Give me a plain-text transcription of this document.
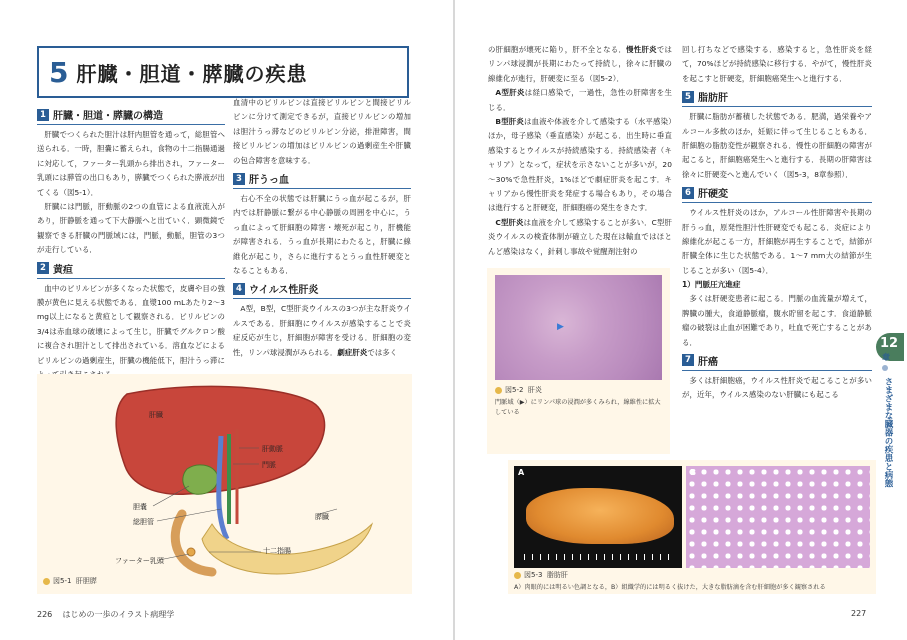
5 肝臓・胆道・膵臓の疾患
1 肝臓・胆道・膵臓の構造

肝臓でつくられた胆汁は肝内胆管を通って，総胆管へ送られる．一時，胆嚢に蓄えられ，食物の十二指腸通過に対応して，ファーター乳頭から排出され，ファーター乳頭には膵管の出口もあり，膵臓でつくられた膵液が出てくる（図5-1）．

肝臓には門脈，肝動脈の2つの血管による血液流入があり，肝静脈を通って下大静脈へと出ていく．顕微鏡で観察できる肝臓の門脈域には，門脈，動脈，胆管の3つが走行している．

2 黄疸

血中のビリルビンが多くなった状態で，皮膚や目の強膜が黄色に見える状態である．血漿100 mLあたり2～3 mg以上になると黄疸として観察される．ビリルビンの3/4は赤血球の破壊によって生じ，肝臓でグルクロン酸に複合され胆汁として排出されている．溶血などによるビリルビンの過剰産生，肝臓の機能低下，胆汁うっ滞に

血清中のビリルビンは直接ビリルビンと間接ビリルビンに分けて測定できるが，直接ビリルビンの増加は胆汁うっ滞などのビリルビン分泌，排泄障害，間接ビリルビンの増加はビリルビンの過剰産生や肝臓の包合障害を意味する．

3 肝うっ血

右心不全の状態では肝臓にうっ血が起こるが，肝内では肝静脈に繋がる中心静脈の周囲を中心に，うっ血によって肝細胞の障害・壊死が起こり，肝機能が障害される．うっ血が長期にわたると，肝臓に線維化が起こり，さらに進行するとうっ血性肝硬変となることもある．

4 ウイルス性肝炎

A型，B型，C型肝炎ウイルスの3つが主な肝炎ウイルスである．肝細胞にウイルスが感染することで炎症反応が生じ，肝細胞が障害を受ける．肝細胞の変性，リンパ球浸潤がみられる．劇症肝炎では多く

肝臓
肝動脈
門脈
胆嚢
総胆管
膵臓
十二指腸
ファーター乳頭
図5-1
肝胆膵
226 はじめの一歩のイラスト病理学

の肝細胞が壊死に陥り，肝不全となる．慢性肝炎ではリンパ球浸潤が長期にわたって持続し，徐々に肝臓の線維化が進行，肝硬変に至る（図5-2）．

A型肝炎は経口感染で，一過性，急性の肝障害を生じる．

B型肝炎は血液や体液を介して感染する（水平感染）ほか，母子感染（垂直感染）が起こる．出生時に垂直感染するとウイルスが持続感染する．持続感染者（キャリア）となって，症状を示さないことが多いが，20～30%で急性肝炎，1%ほどで劇症肝炎を起こす．キャリアから慢性肝炎を発症する場合もあり，その場合は進行すると肝硬変，肝細胞癌の発生をきたす．

C型肝炎は血液を介して感染することが多い．C型肝炎ウイルスの検査体制が確立した現在は輸血ではほとんど感染はなく，針刺し事故や覚醒剤注射の

▶
図5-2
肝炎
門脈域（▶）にリンパ球の浸潤が多くみられ，線維性に拡大している
A	B
図5-3
脂肪肝
A）肉眼的には明るい色調となる，B）組織学的には明るく抜けた，大きな脂肪滴を含む肝細胞が多く観察される

回し打ちなどで感染する．感染すると，急性肝炎を経て，70%ほどが持続感染に移行する．やがて，慢性肝炎を起こすと肝硬変，肝細胞癌発生へと進行する．

5 脂肪肝

肝臓に脂肪が蓄積した状態である．肥満，過栄養やアルコール多飲のほか，妊娠に伴って生じることもある．肝細胞の脂肪変性が観察される．慢性の肝細胞の障害が起こると，肝細胞癌発生へと進行する．長期の肝障害は徐々に肝硬変へと進んでいく（図5-3，8章参照）．

6 肝硬変

ウイルス性肝炎のほか，アルコール性肝障害や長期の肝うっ血，原発性胆汁性肝硬変でも起こる．炎症により線維化が起こる一方，肝細胞が再生することで，結節が肝臓全体に生じた状態である．1～7 mm大の結節が生じることが多い（図5-4）．

1）門脈圧亢進症

多くは肝硬変患者に起こる．門脈の血流量が増えて，脾臓の腫大，食道静脈瘤，腹水貯留を起こす．食道静脈瘤の破裂は止血が困難であり，吐血で死亡することがある．

7 肝癌

多くは肝細胞癌，ウイルス性肝炎で起こることが多いが，近年，ウイルス感染のない肝臓にも起こる

12
章
さまざまな臓器の疾患と病態
227
